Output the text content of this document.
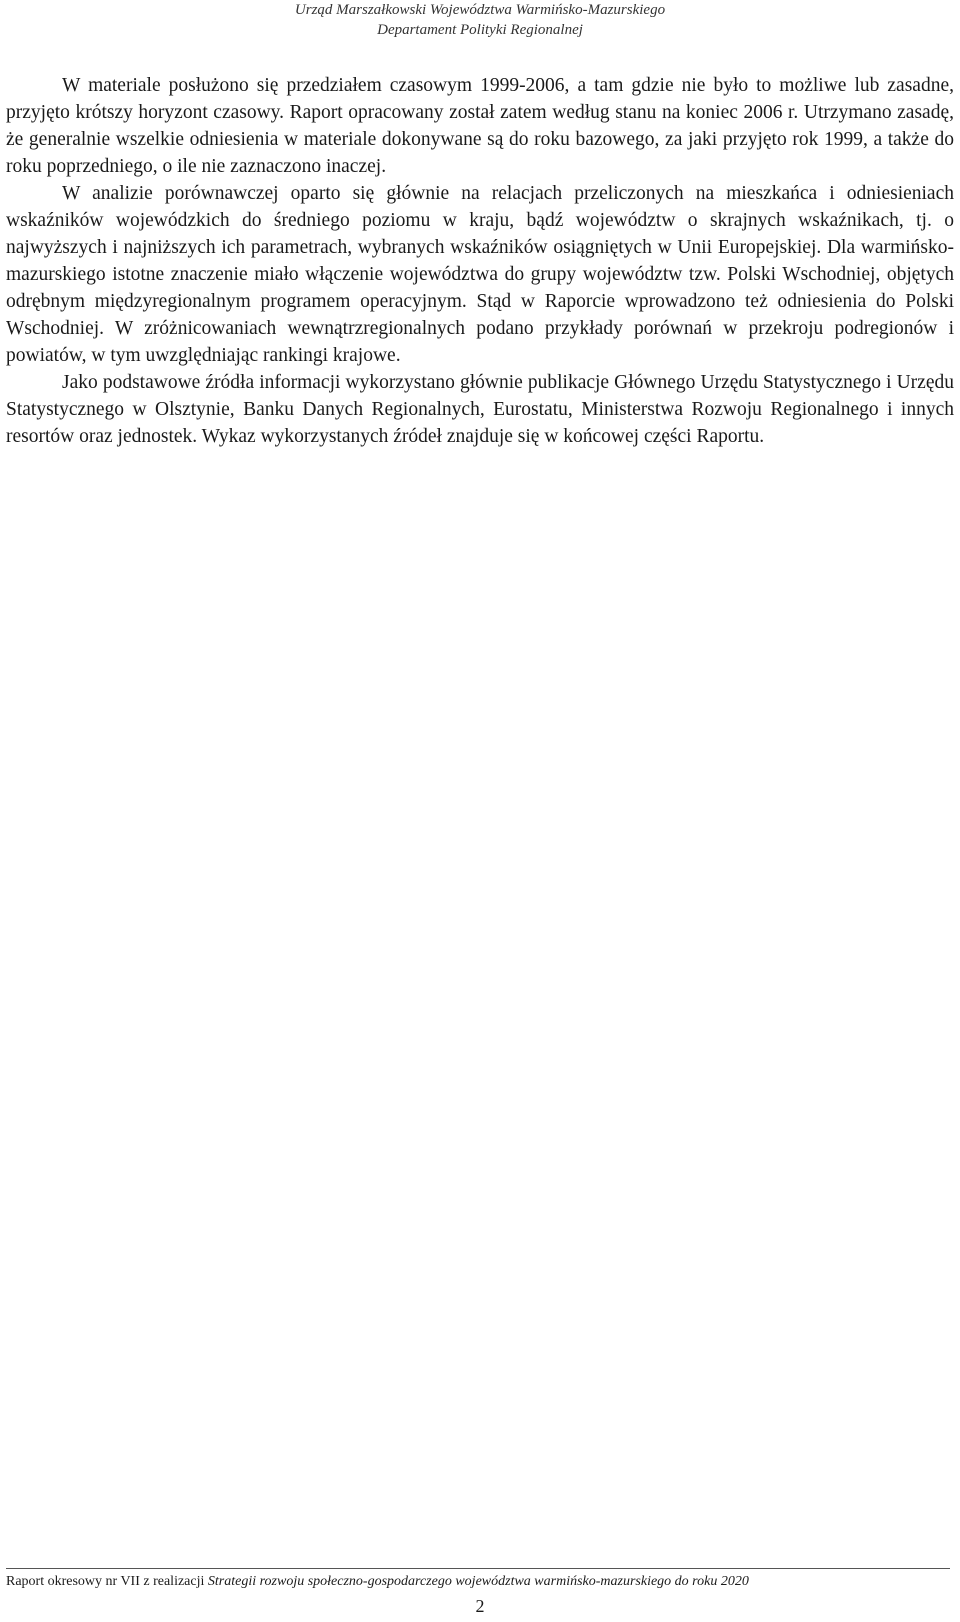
Urząd Marszałkowski Województwa Warmińsko-Mazurskiego
Departament Polityki Regionalnej

W materiale posłużono się przedziałem czasowym 1999-2006, a tam gdzie nie było to możliwe lub zasadne, przyjęto krótszy horyzont czasowy. Raport opracowany został zatem według stanu na koniec 2006 r. Utrzymano zasadę, że generalnie wszelkie odniesienia w materiale dokonywane są do roku bazowego, za jaki przyjęto rok 1999, a także do roku poprzedniego, o ile nie zaznaczono inaczej.

W analizie porównawczej oparto się głównie na relacjach przeliczonych na mieszkańca i odniesieniach wskaźników wojewódzkich do średniego poziomu w kraju, bądź województw o skrajnych wskaźnikach, tj. o najwyższych i najniższych ich parametrach, wybranych wskaźników osiągniętych w Unii Europejskiej. Dla warmińsko-mazurskiego istotne znaczenie miało włączenie województwa do grupy województw tzw. Polski Wschodniej, objętych odrębnym międzyregionalnym programem operacyjnym. Stąd w Raporcie wprowadzono też odniesienia do Polski Wschodniej. W zróżnicowaniach wewnątrzregionalnych podano przykłady porównań w przekroju podregionów i powiatów, w tym uwzględniając rankingi krajowe.

Jako podstawowe źródła informacji wykorzystano głównie publikacje Głównego Urzędu Statystycznego i Urzędu Statystycznego w Olsztynie, Banku Danych Regionalnych, Eurostatu, Ministerstwa Rozwoju Regionalnego i innych resortów oraz jednostek. Wykaz wykorzystanych źródeł znajduje się w końcowej części Raportu.

Raport okresowy nr VII z realizacji Strategii rozwoju społeczno-gospodarczego województwa warmińsko-mazurskiego do roku 2020
2
